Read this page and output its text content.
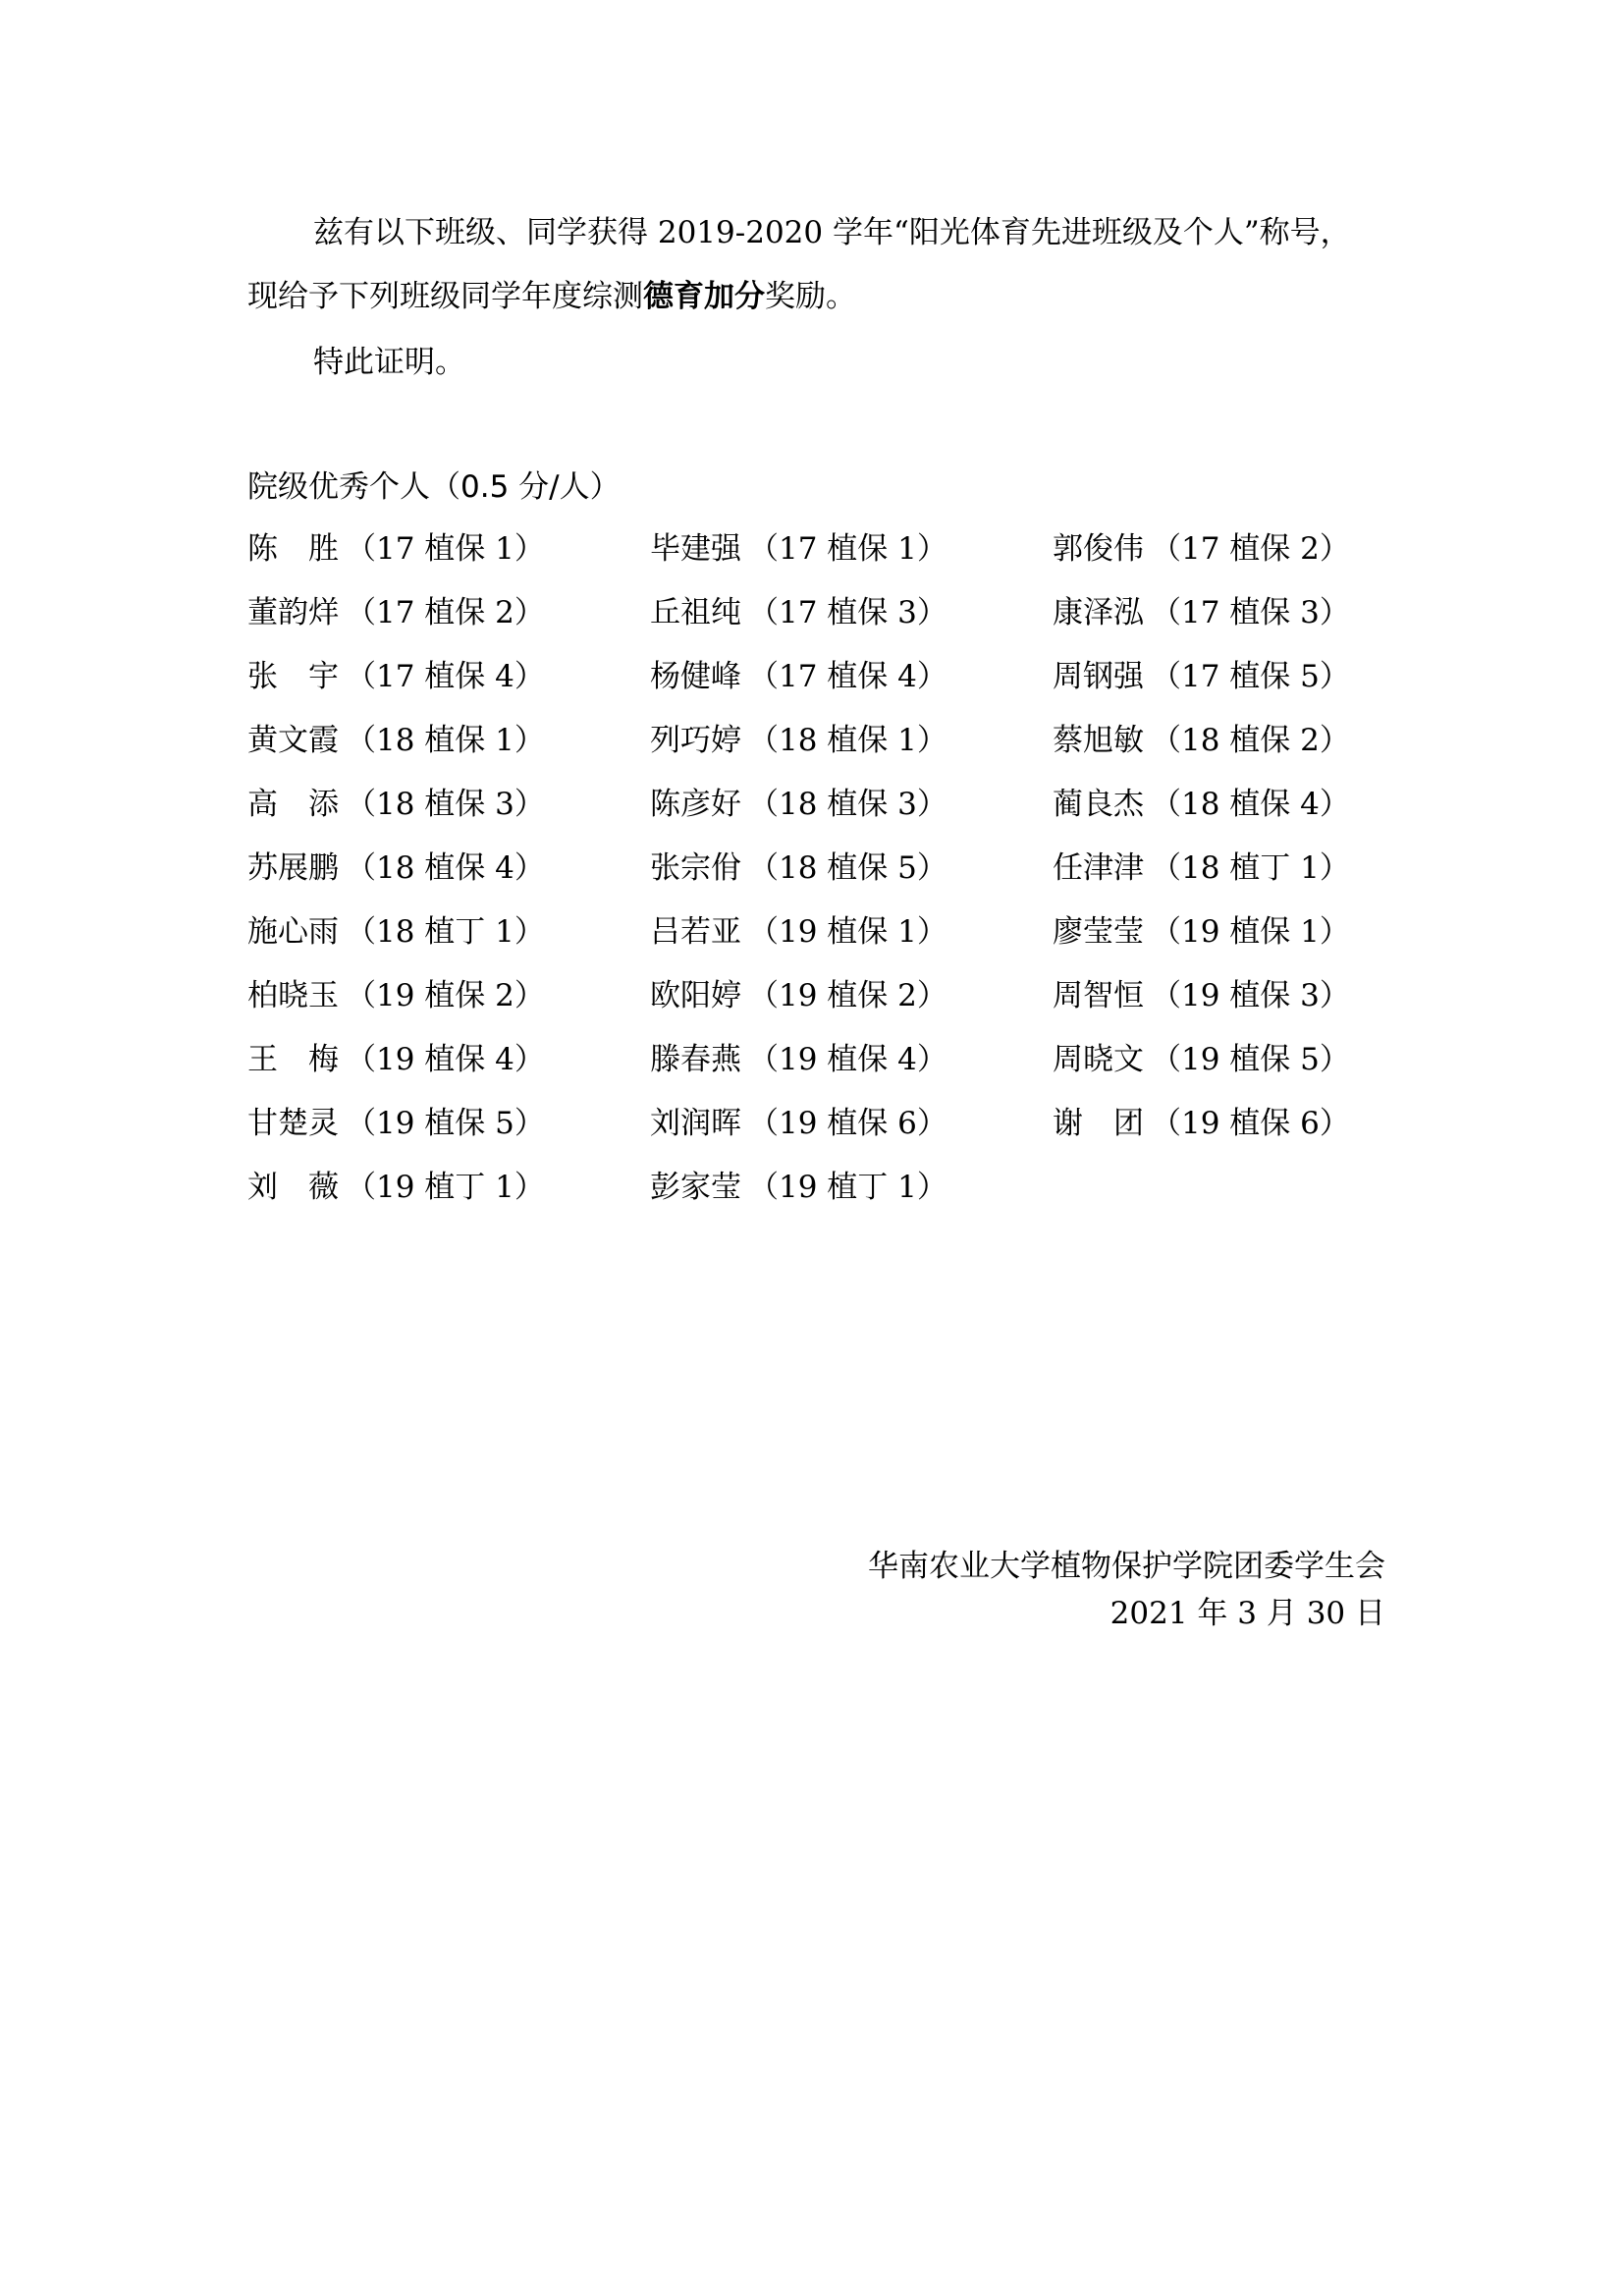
兹有以下班级、同学获得 2019-2020 学年“阳光体育先进班级及个人”称号，
现给予下列班级同学年度综测德育加分奖励。
特此证明。
院级优秀个人（0.5 分/人）
陈　胜 （17 植保 1）	毕建强 （17 植保 1）	郭俊伟 （17 植保 2）
董韵烊 （17 植保 2）	丘祖纯 （17 植保 3）	康泽泓 （17 植保 3）
张　宇 （17 植保 4）	杨健峰 （17 植保 4）	周钢强 （17 植保 5）
黄文霞 （18 植保 1）	列巧婷 （18 植保 1）	蔡旭敏 （18 植保 2）
高　添 （18 植保 3）	陈彦好 （18 植保 3）	蔺良杰 （18 植保 4）
苏展鹏 （18 植保 4）	张宗佾 （18 植保 5）	任津津 （18 植丁 1）
施心雨 （18 植丁 1）	吕若亚 （19 植保 1）	廖莹莹 （19 植保 1）
柏晓玉 （19 植保 2）	欧阳婷 （19 植保 2）	周智恒 （19 植保 3）
王　梅 （19 植保 4）	滕春燕 （19 植保 4）	周晓文 （19 植保 5）
甘楚灵 （19 植保 5）	刘润晖 （19 植保 6）	谢　团 （19 植保 6）
刘　薇 （19 植丁 1）	彭家莹 （19 植丁 1）
华南农业大学植物保护学院团委学生会
2021 年 3 月 30 日
